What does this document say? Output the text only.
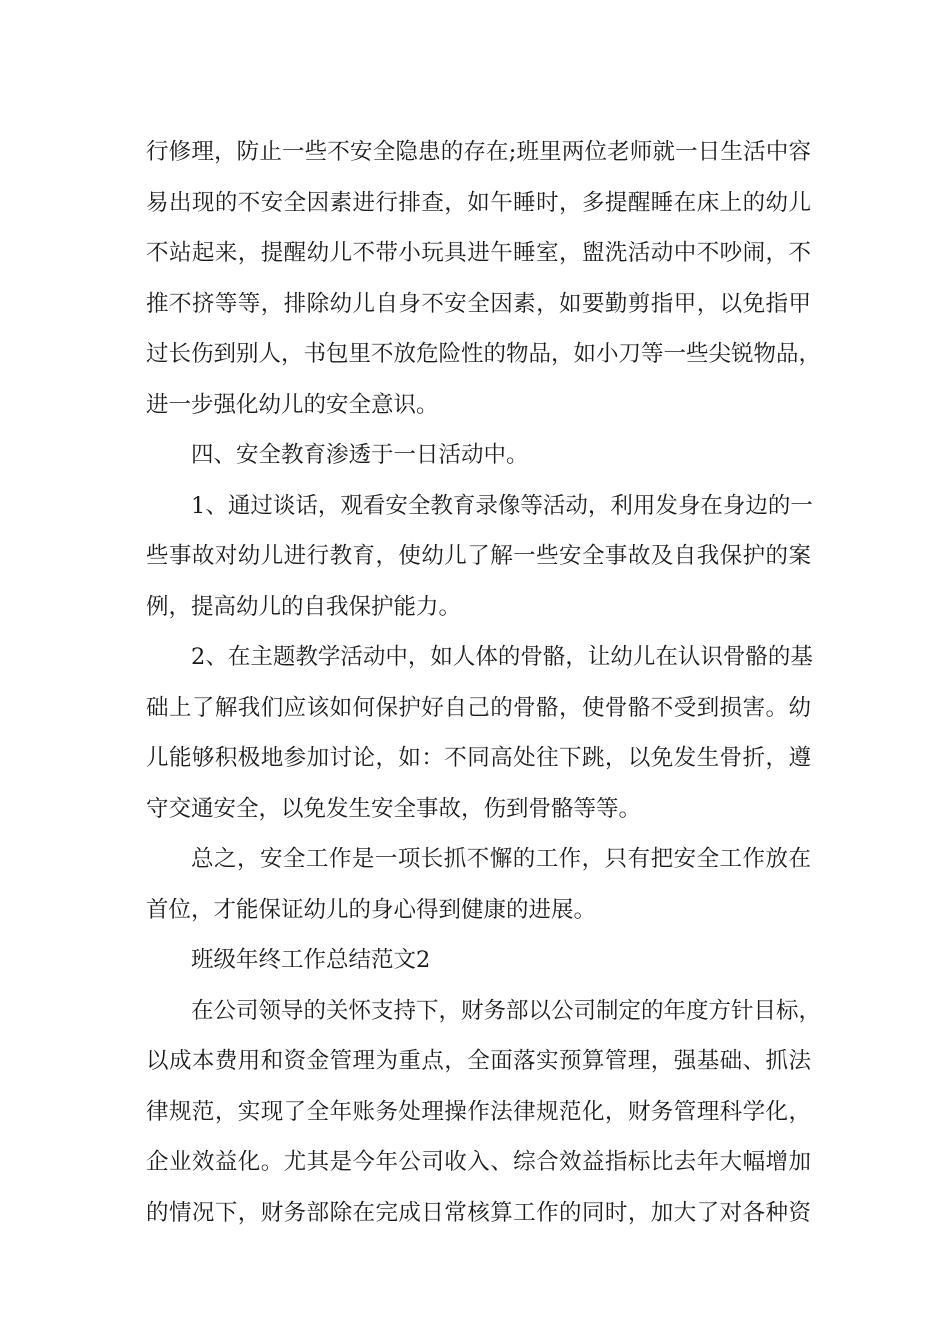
行修理，防止一些不安全隐患的存在;班里两位老师就一日生活中容
易出现的不安全因素进行排查，如午睡时，多提醒睡在床上的幼儿
不站起来，提醒幼儿不带小玩具进午睡室，盥洗活动中不吵闹，不
推不挤等等，排除幼儿自身不安全因素，如要勤剪指甲，以免指甲
过长伤到别人，书包里不放危险性的物品，如小刀等一些尖锐物品，
进一步强化幼儿的安全意识。

四、安全教育渗透于一日活动中。

1、通过谈话，观看安全教育录像等活动，利用发身在身边的一
些事故对幼儿进行教育，使幼儿了解一些安全事故及自我保护的案
例，提高幼儿的自我保护能力。

2、在主题教学活动中，如人体的骨骼，让幼儿在认识骨骼的基
础上了解我们应该如何保护好自己的骨骼，使骨骼不受到损害。幼
儿能够积极地参加讨论，如：不同高处往下跳，以免发生骨折，遵
守交通安全，以免发生安全事故，伤到骨骼等等。

总之，安全工作是一项长抓不懈的工作，只有把安全工作放在
首位，才能保证幼儿的身心得到健康的进展。

班级年终工作总结范文2

在公司领导的关怀支持下，财务部以公司制定的年度方针目标，
以成本费用和资金管理为重点，全面落实预算管理，强基础、抓法
律规范，实现了全年账务处理操作法律规范化，财务管理科学化，
企业效益化。尤其是今年公司收入、综合效益指标比去年大幅增加
的情况下，财务部除在完成日常核算工作的同时，加大了对各种资
